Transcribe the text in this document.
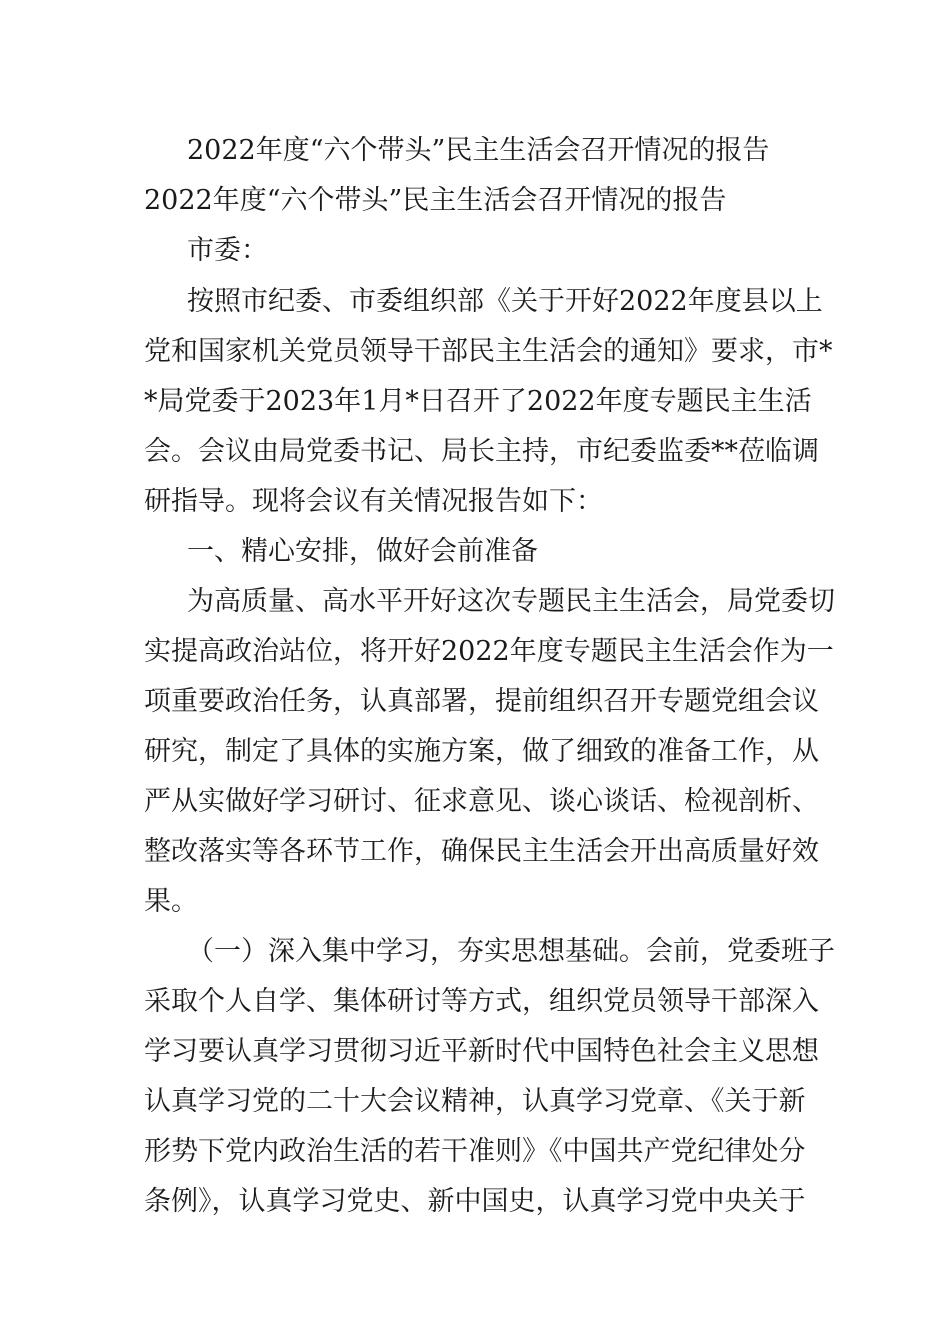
2022年度“六个带头”民主生活会召开情况的报告
2022年度“六个带头”民主生活会召开情况的报告
市委：
按照市纪委、市委组织部《关于开好2022年度县以上
党和国家机关党员领导干部民主生活会的通知》要求，市*
*局党委于2023年1月*日召开了2022年度专题民主生活
会。会议由局党委书记、局长主持，市纪委监委**莅临调
研指导。现将会议有关情况报告如下：
一、精心安排，做好会前准备
为高质量、高水平开好这次专题民主生活会，局党委切
实提高政治站位，将开好2022年度专题民主生活会作为一
项重要政治任务，认真部署，提前组织召开专题党组会议
研究，制定了具体的实施方案，做了细致的准备工作，从
严从实做好学习研讨、征求意见、谈心谈话、检视剖析、
整改落实等各环节工作，确保民主生活会开出高质量好效
果。
（一）深入集中学习，夯实思想基础。会前，党委班子
采取个人自学、集体研讨等方式，组织党员领导干部深入
学习要认真学习贯彻习近平新时代中国特色社会主义思想
认真学习党的二十大会议精神，认真学习党章、《关于新
形势下党内政治生活的若干准则》《中国共产党纪律处分
条例》，认真学习党史、新中国史，认真学习党中央关于
